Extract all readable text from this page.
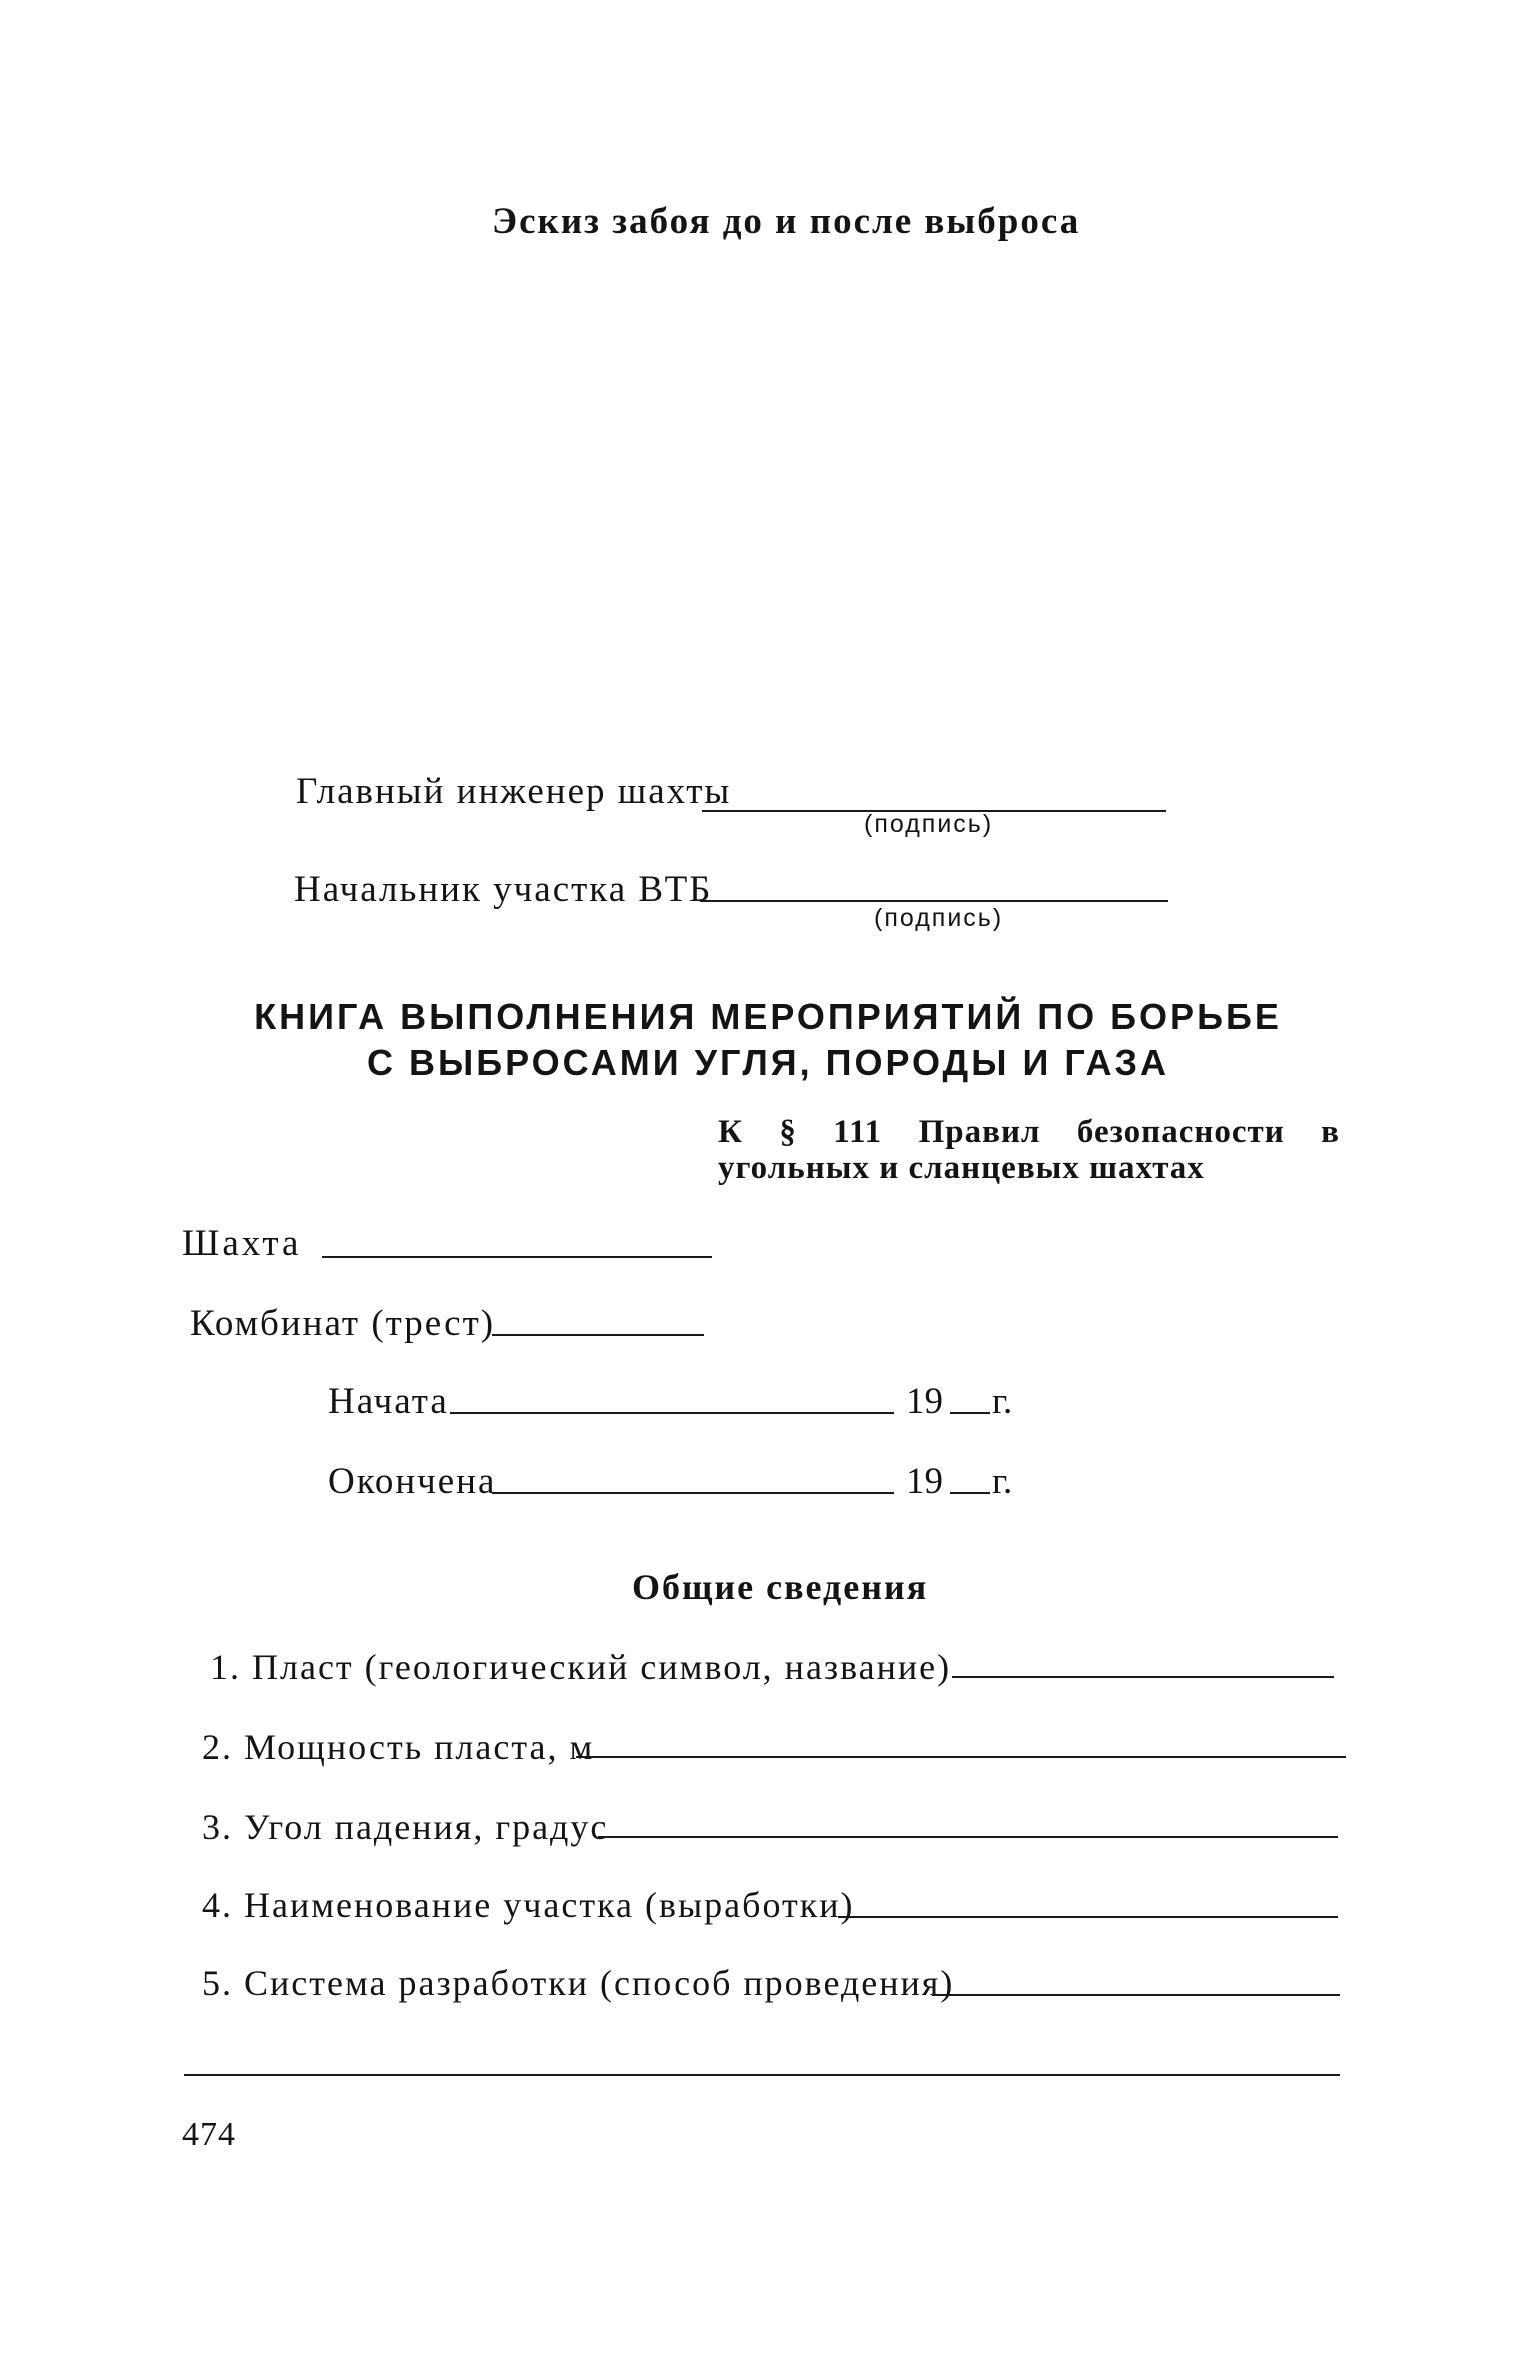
Эскиз забоя до и после выброса
Главный инженер шахты
(подпись)
Начальник участка ВТБ
(подпись)
КНИГА ВЫПОЛНЕНИЯ МЕРОПРИЯТИЙ ПО БОРЬБЕ
С ВЫБРОСАМИ УГЛЯ, ПОРОДЫ И ГАЗА
К § 111 Правил безопасности в
угольных и сланцевых шахтах
Шахта
Комбинат (трест)
Начата	19 г.
Окончена	19 г.
Общие сведения
1. Пласт (геологический символ, название)
2. Мощность пласта, м
3. Угол падения, градус
4. Наименование участка (выработки)
5. Система разработки (способ проведения)
474
